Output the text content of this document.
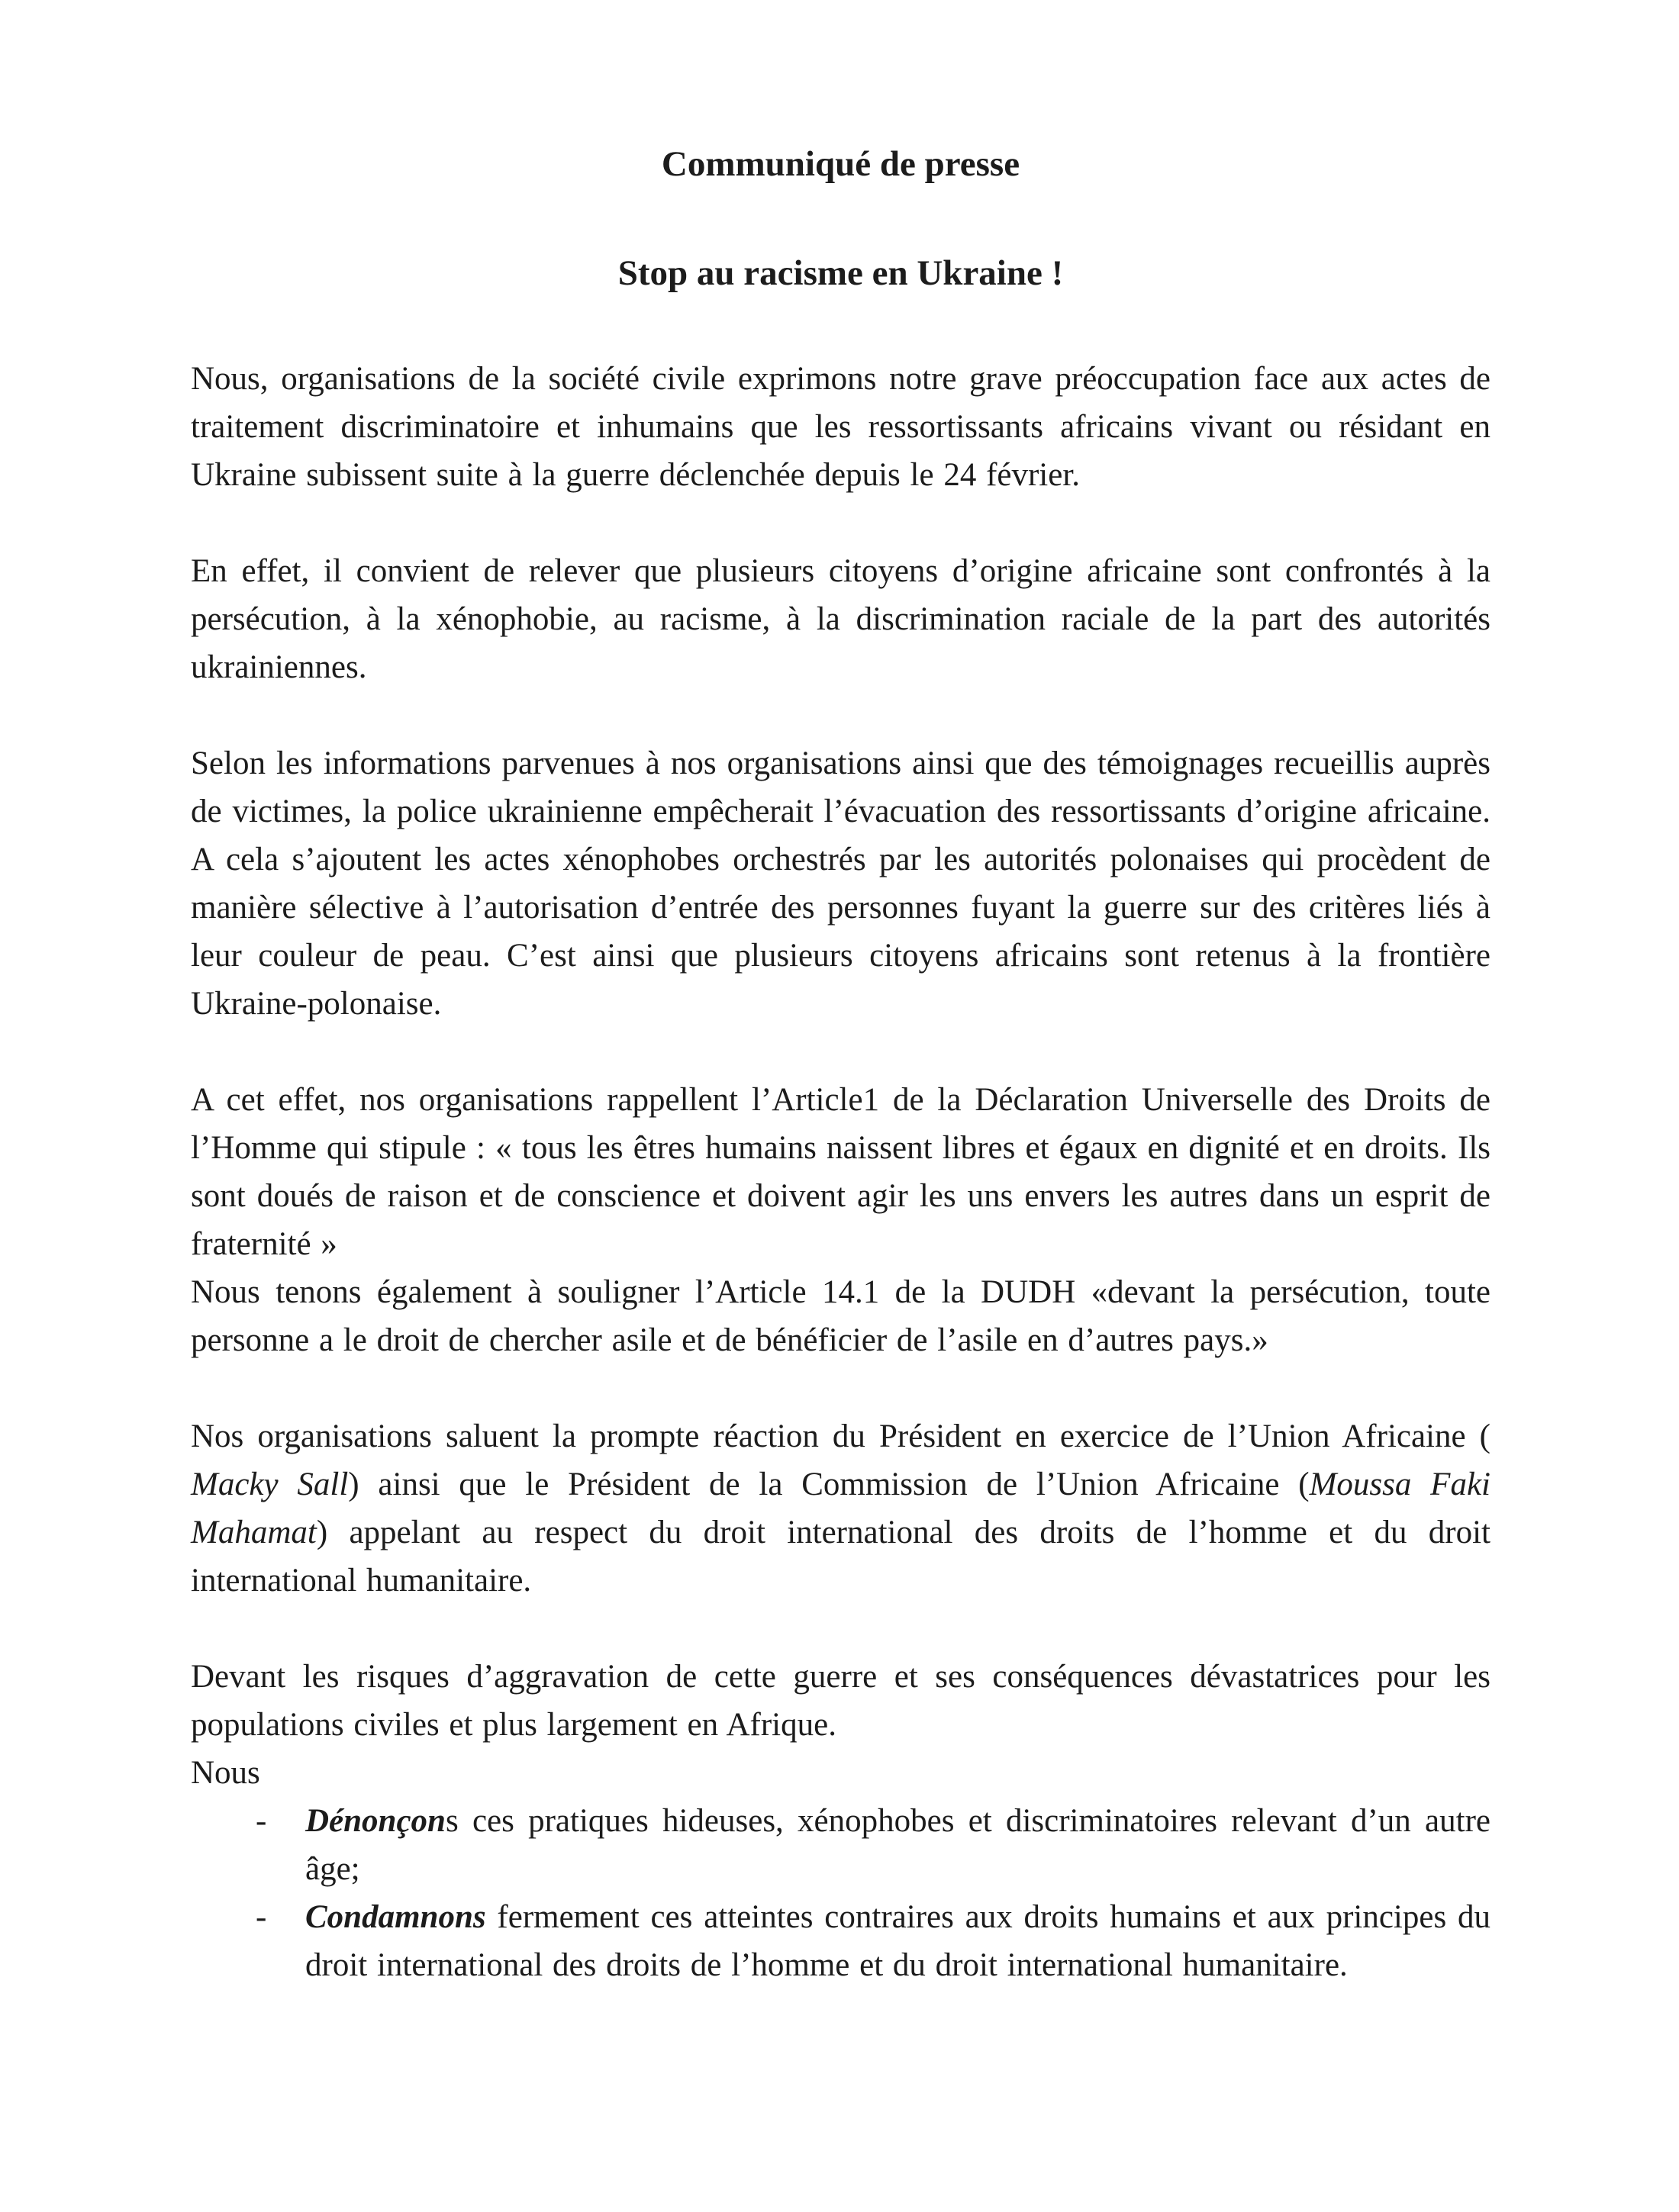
Communiqué de presse
Stop au racisme en Ukraine !

Nous, organisations de la société civile exprimons notre grave préoccupation face aux actes de traitement discriminatoire et inhumains que les ressortissants africains vivant ou résidant en Ukraine subissent suite à la guerre déclenchée depuis le 24 février.

En effet, il convient de relever que plusieurs citoyens d’origine africaine sont confrontés à la persécution, à la xénophobie, au racisme, à la discrimination raciale de la part des autorités ukrainiennes.

Selon les informations parvenues à nos organisations ainsi que des témoignages recueillis auprès de victimes, la police ukrainienne empêcherait l’évacuation des ressortissants d’origine africaine. A cela s’ajoutent les actes xénophobes orchestrés par les autorités polonaises qui procèdent de manière sélective à l’autorisation d’entrée des personnes fuyant la guerre sur des critères liés à leur couleur de peau. C’est ainsi que plusieurs citoyens africains sont retenus à la frontière Ukraine-polonaise.

A cet effet, nos organisations rappellent l’Article1 de la Déclaration Universelle des Droits de l’Homme qui stipule : « tous les êtres humains naissent libres et égaux en dignité et en droits. Ils sont doués de raison et de conscience et doivent agir les uns envers les autres dans un esprit de fraternité »

Nous tenons également à souligner l’Article 14.1 de la DUDH «devant la persécution, toute personne a le droit de chercher asile et de bénéficier de l’asile en d’autres pays.»

Nos organisations saluent la prompte réaction du Président en exercice de l’Union Africaine ( Macky Sall) ainsi que le Président de la Commission de l’Union Africaine (Moussa Faki Mahamat) appelant au respect du droit international des droits de l’homme et du droit international humanitaire.

Devant les risques d’aggravation de cette guerre et ses conséquences dévastatrices pour les populations civiles et plus largement en Afrique.

Nous

- Dénonçons ces pratiques hideuses, xénophobes et discriminatoires relevant d’un autre âge;

- Condamnons fermement ces atteintes contraires aux droits humains et aux principes du droit international des droits de l’homme et du droit international humanitaire.
